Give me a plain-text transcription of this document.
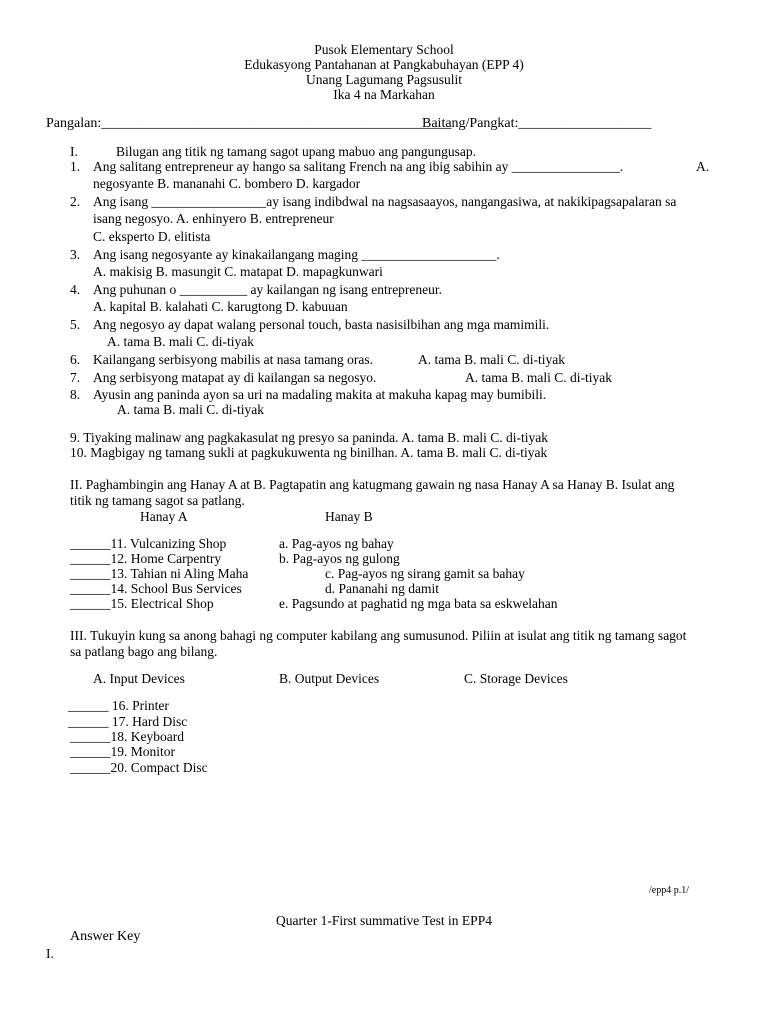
Pusok Elementary School
Edukasyong Pantahanan at Pangkabuhayan (EPP 4)
Unang Lagumang Pagsusulit
Ika 4 na Markahan
Pangalan:__________________________________________________
Baitang/Pangkat:___________________
I.	Bilugan ang titik ng tamang sagot upang mabuo ang pangungusap.
1. Ang salitang entrepreneur ay hango sa salitang French na ang ibig sabihin ay ________________.	A.
negosyante B. mananahi C. bombero D. kargador
2. Ang isang _________________ay isang indibdwal na nagsasaayos, nangangasiwa, at nakikipagsapalaran sa
isang negosyo. A. enhinyero B. entrepreneur
C. eksperto D. elitista
3. Ang isang negosyante ay kinakailangang maging ____________________.
A. makisig B. masungit C. matapat D. mapagkunwari
4. Ang puhunan o __________ ay kailangan ng isang entrepreneur.
A. kapital B. kalahati C. karugtong D. kabuuan
5. Ang negosyo ay dapat walang personal touch, basta nasisilbihan ang mga mamimili.
A. tama B. mali C. di-tiyak
6. Kailangang serbisyong mabilis at nasa tamang oras.	A. tama B. mali C. di-tiyak
7. Ang serbisyong matapat ay di kailangan sa negosyo.	A. tama B. mali C. di-tiyak
8. Ayusin ang paninda ayon sa uri na madaling makita at makuha kapag may bumibili.
A. tama B. mali C. di-tiyak
9. Tiyaking malinaw ang pagkakasulat ng presyo sa paninda. A. tama B. mali C. di-tiyak
10. Magbigay ng tamang sukli at pagkukuwenta ng binilhan. A. tama B. mali C. di-tiyak
II. Paghambingin ang Hanay A at B. Pagtapatin ang katugmang gawain ng nasa Hanay A sa Hanay B. Isulat ang
titik ng tamang sagot sa patlang.
Hanay A	Hanay B
______11. Vulcanizing Shop	a. Pag-ayos ng bahay
______12. Home Carpentry	b. Pag-ayos ng gulong
______13. Tahian ni Aling Maha	c. Pag-ayos ng sirang gamit sa bahay
______14. School Bus Services	d. Pananahi ng damit
______15. Electrical Shop	e. Pagsundo at paghatid ng mga bata sa eskwelahan
III. Tukuyin kung sa anong bahagi ng computer kabilang ang sumusunod. Piliin at isulat ang titik ng tamang sagot
sa patlang bago ang bilang.
A. Input Devices	B. Output Devices	C. Storage Devices
______ 16. Printer
______ 17. Hard Disc
______18. Keyboard
______19. Monitor
______20. Compact Disc
/epp4 p.1/
Quarter 1-First summative Test in EPP4
Answer Key
I.
